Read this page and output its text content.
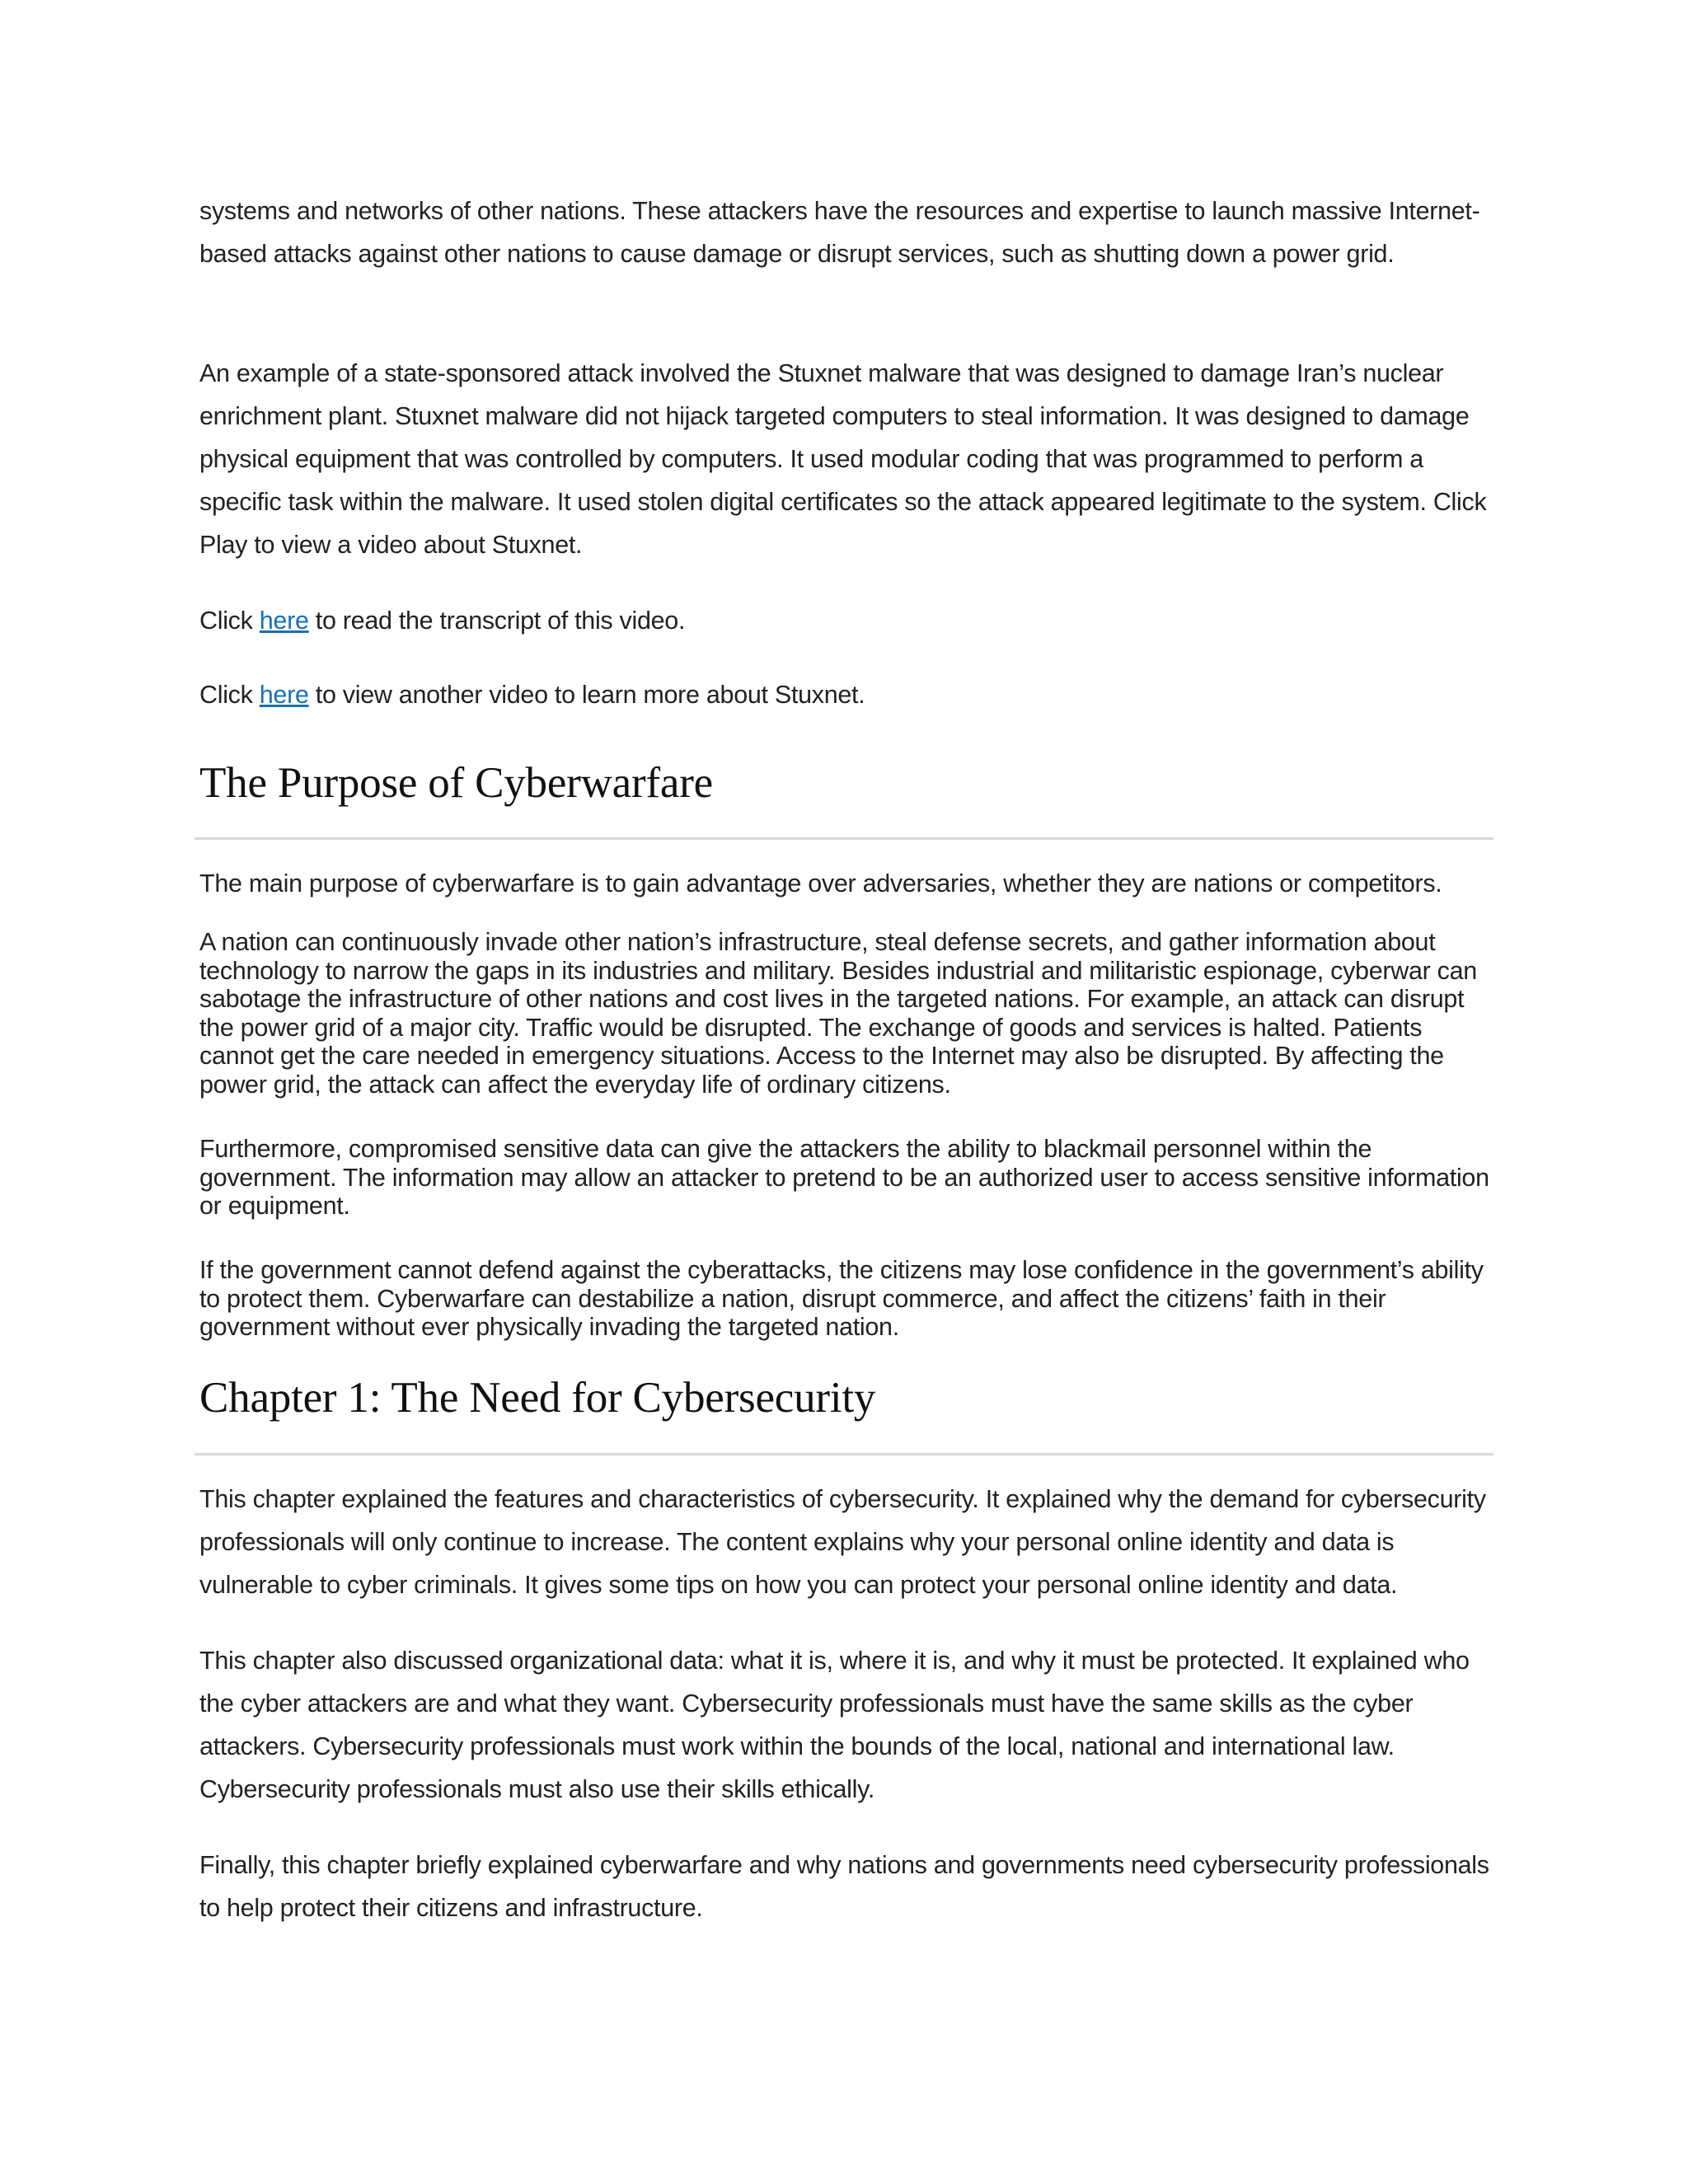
systems and networks of other nations. These attackers have the resources and expertise to launch massive Internet-based attacks against other nations to cause damage or disrupt services, such as shutting down a power grid.

An example of a state-sponsored attack involved the Stuxnet malware that was designed to damage Iran’s nuclear enrichment plant. Stuxnet malware did not hijack targeted computers to steal information. It was designed to damage physical equipment that was controlled by computers. It used modular coding that was programmed to perform a specific task within the malware. It used stolen digital certificates so the attack appeared legitimate to the system. Click Play to view a video about Stuxnet.

Click here to read the transcript of this video.

Click here to view another video to learn more about Stuxnet.

The Purpose of Cyberwarfare

The main purpose of cyberwarfare is to gain advantage over adversaries, whether they are nations or competitors.

A nation can continuously invade other nation’s infrastructure, steal defense secrets, and gather information about technology to narrow the gaps in its industries and military. Besides industrial and militaristic espionage, cyberwar can sabotage the infrastructure of other nations and cost lives in the targeted nations. For example, an attack can disrupt the power grid of a major city. Traffic would be disrupted. The exchange of goods and services is halted. Patients cannot get the care needed in emergency situations. Access to the Internet may also be disrupted. By affecting the power grid, the attack can affect the everyday life of ordinary citizens.

Furthermore, compromised sensitive data can give the attackers the ability to blackmail personnel within the government. The information may allow an attacker to pretend to be an authorized user to access sensitive information or equipment.

If the government cannot defend against the cyberattacks, the citizens may lose confidence in the government’s ability to protect them. Cyberwarfare can destabilize a nation, disrupt commerce, and affect the citizens’ faith in their government without ever physically invading the targeted nation.

Chapter 1: The Need for Cybersecurity

This chapter explained the features and characteristics of cybersecurity. It explained why the demand for cybersecurity professionals will only continue to increase. The content explains why your personal online identity and data is vulnerable to cyber criminals. It gives some tips on how you can protect your personal online identity and data.

This chapter also discussed organizational data: what it is, where it is, and why it must be protected. It explained who the cyber attackers are and what they want. Cybersecurity professionals must have the same skills as the cyber attackers. Cybersecurity professionals must work within the bounds of the local, national and international law. Cybersecurity professionals must also use their skills ethically.

Finally, this chapter briefly explained cyberwarfare and why nations and governments need cybersecurity professionals to help protect their citizens and infrastructure.
